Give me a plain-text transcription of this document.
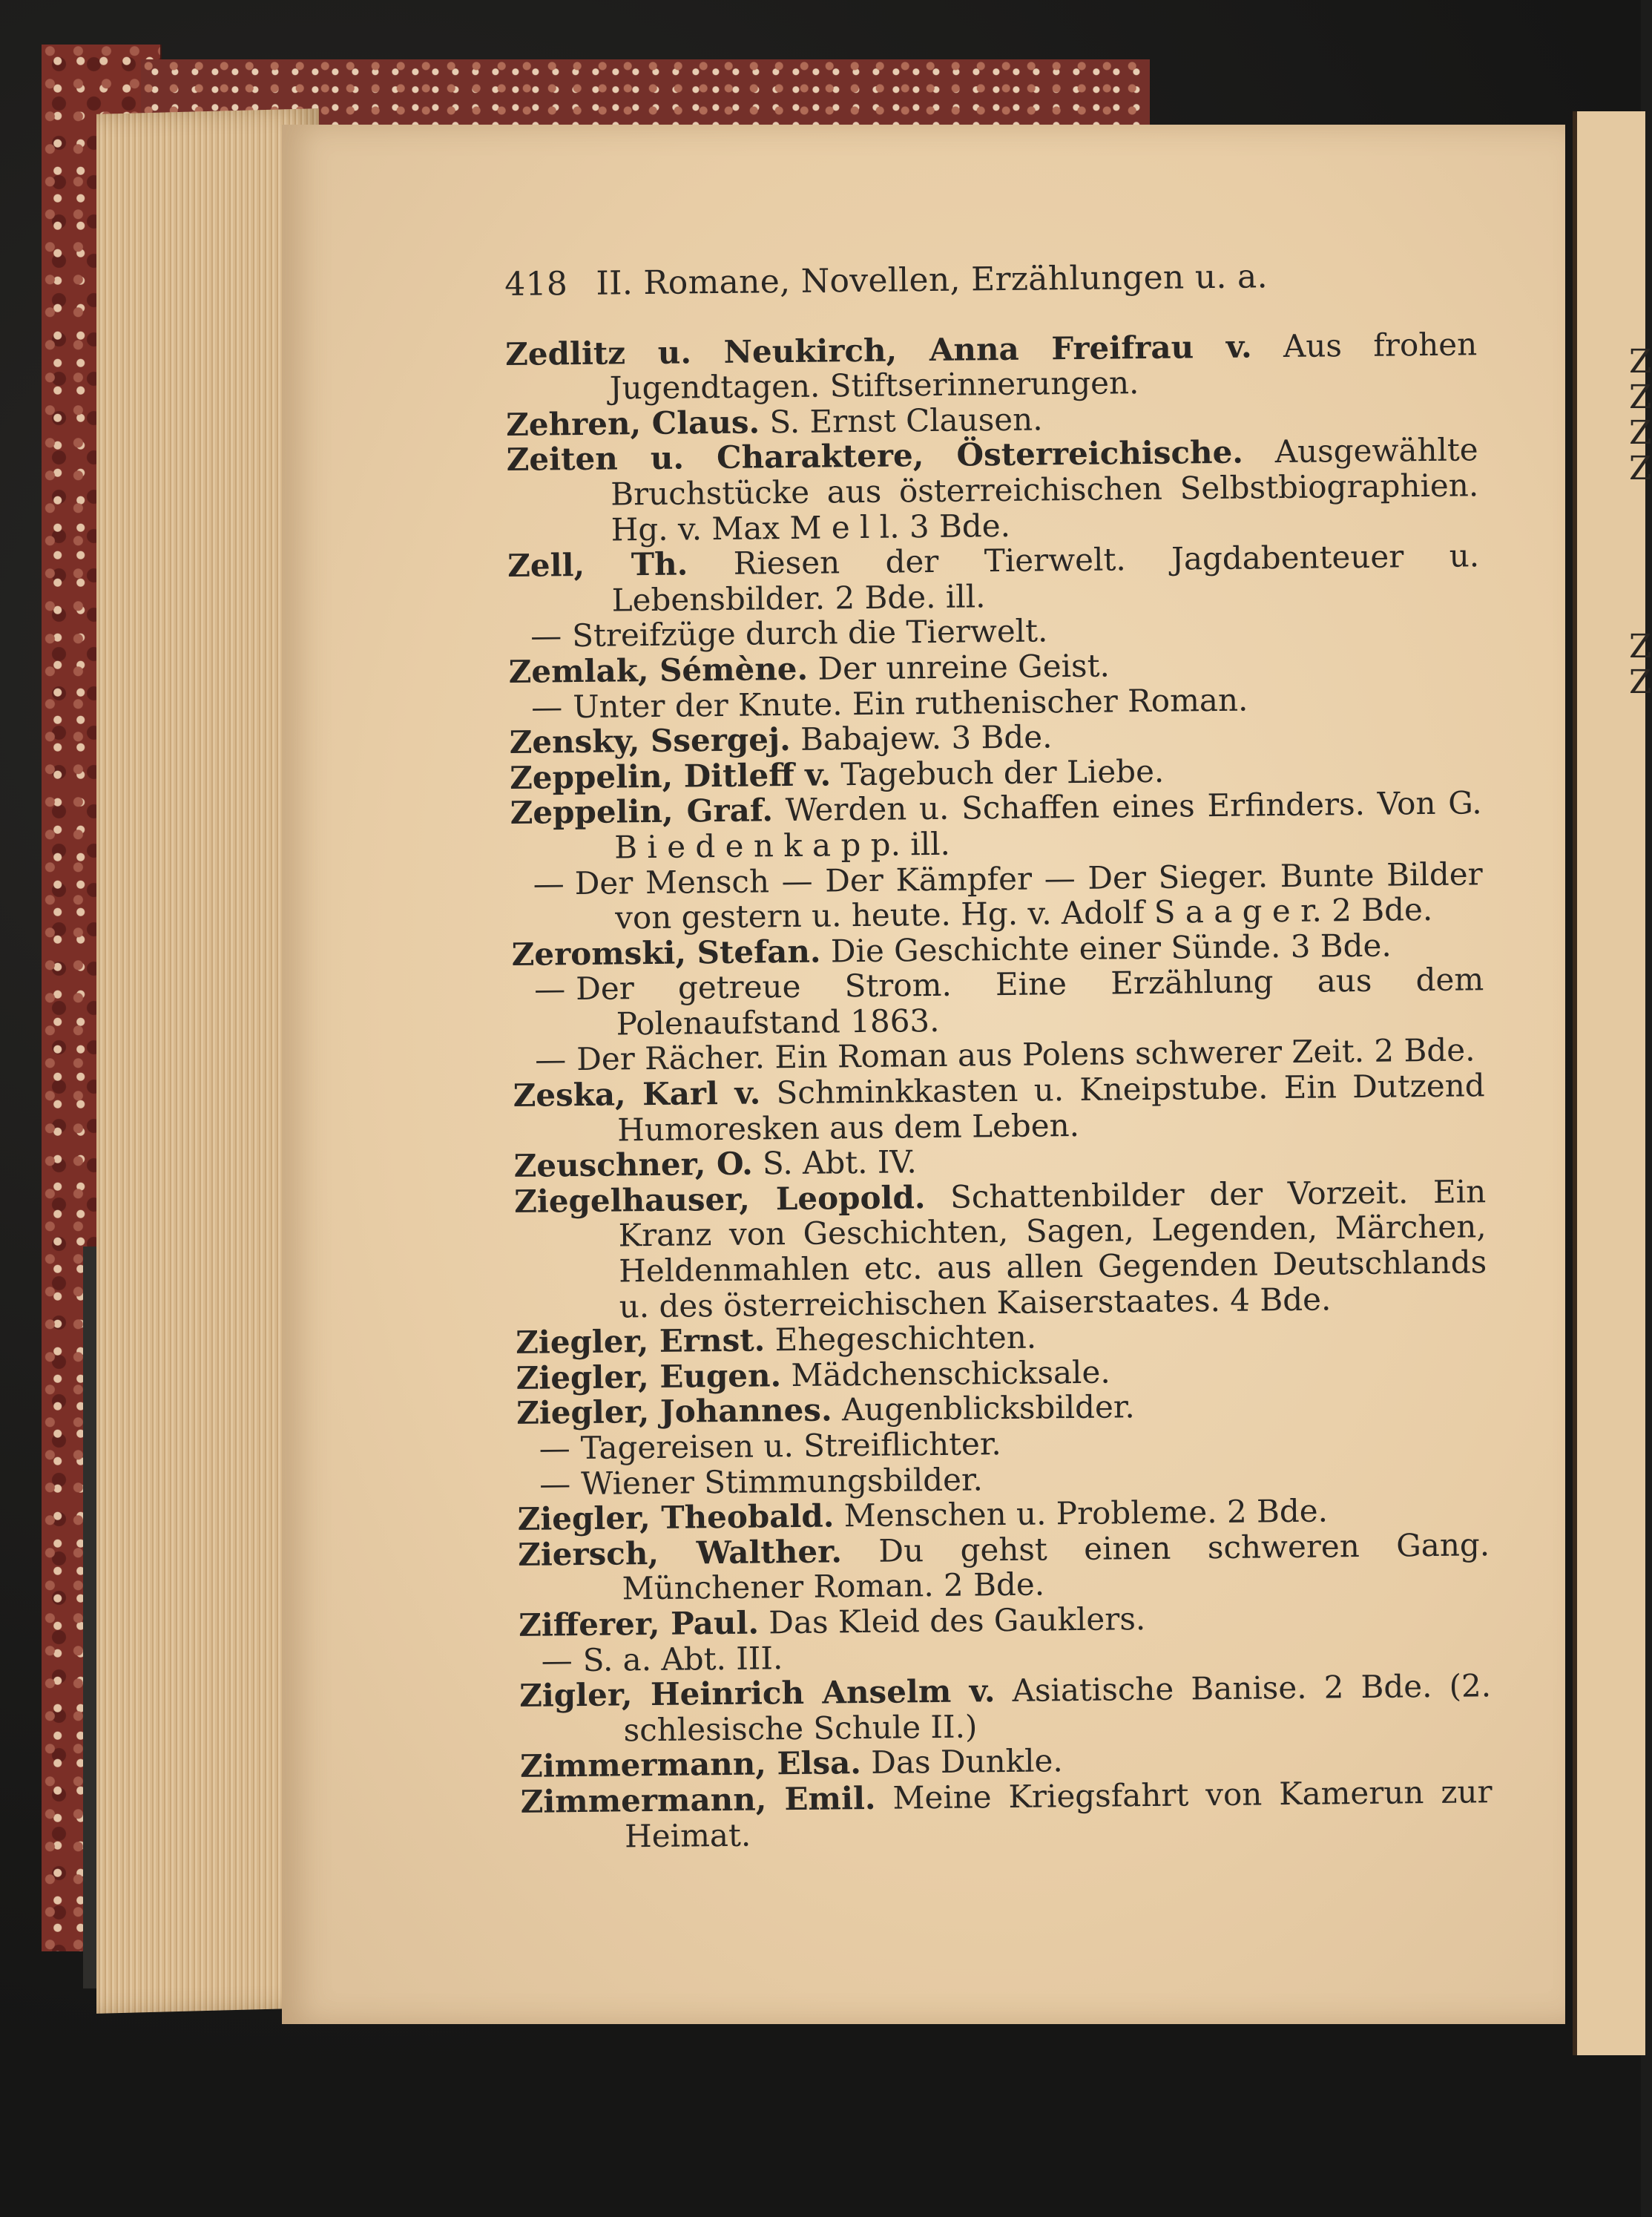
Z
Z
Z
Z
Z
Z
418 II. Romane, Novellen, Erzählungen u. a.
Zedlitz u. Neukirch, Anna Freifrau v. Aus frohen Jugendtagen. Stiftserinnerungen.
Zehren, Claus. S. Ernst Clausen.
Zeiten u. Charaktere, Österreichische. Ausgewählte Bruchstücke aus österreichischen Selbstbiographien. Hg. v. Max M e l l. 3 Bde.
Zell, Th. Riesen der Tierwelt. Jagdabenteuer u. Lebensbilder. 2 Bde. ill.
— Streifzüge durch die Tierwelt.
Zemlak, Sémène. Der unreine Geist.
— Unter der Knute. Ein ruthenischer Roman.
Zensky, Ssergej. Babajew. 3 Bde.
Zeppelin, Ditleff v. Tagebuch der Liebe.
Zeppelin, Graf. Werden u. Schaffen eines Erfinders. Von G. B i e d e n k a p p. ill.
— Der Mensch — Der Kämpfer — Der Sieger. Bunte Bilder von gestern u. heute. Hg. v. Adolf S a a g e r. 2 Bde.
Zeromski, Stefan. Die Geschichte einer Sünde. 3 Bde.
— Der getreue Strom. Eine Erzählung aus dem Polenaufstand 1863.
— Der Rächer. Ein Roman aus Polens schwerer Zeit. 2 Bde.
Zeska, Karl v. Schminkkasten u. Kneipstube. Ein Dutzend Humoresken aus dem Leben.
Zeuschner, O. S. Abt. IV.
Ziegelhauser, Leopold. Schattenbilder der Vorzeit. Ein Kranz von Geschichten, Sagen, Legenden, Märchen, Heldenmahlen etc. aus allen Gegenden Deutschlands u. des österreichischen Kaiserstaates. 4 Bde.
Ziegler, Ernst. Ehegeschichten.
Ziegler, Eugen. Mädchenschicksale.
Ziegler, Johannes. Augenblicksbilder.
— Tagereisen u. Streiflichter.
— Wiener Stimmungsbilder.
Ziegler, Theobald. Menschen u. Probleme. 2 Bde.
Ziersch, Walther. Du gehst einen schweren Gang. Münchener Roman. 2 Bde.
Zifferer, Paul. Das Kleid des Gauklers.
— S. a. Abt. III.
Zigler, Heinrich Anselm v. Asiatische Banise. 2 Bde. (2. schlesische Schule II.)
Zimmermann, Elsa. Das Dunkle.
Zimmermann, Emil. Meine Kriegsfahrt von Kamerun zur Heimat.
